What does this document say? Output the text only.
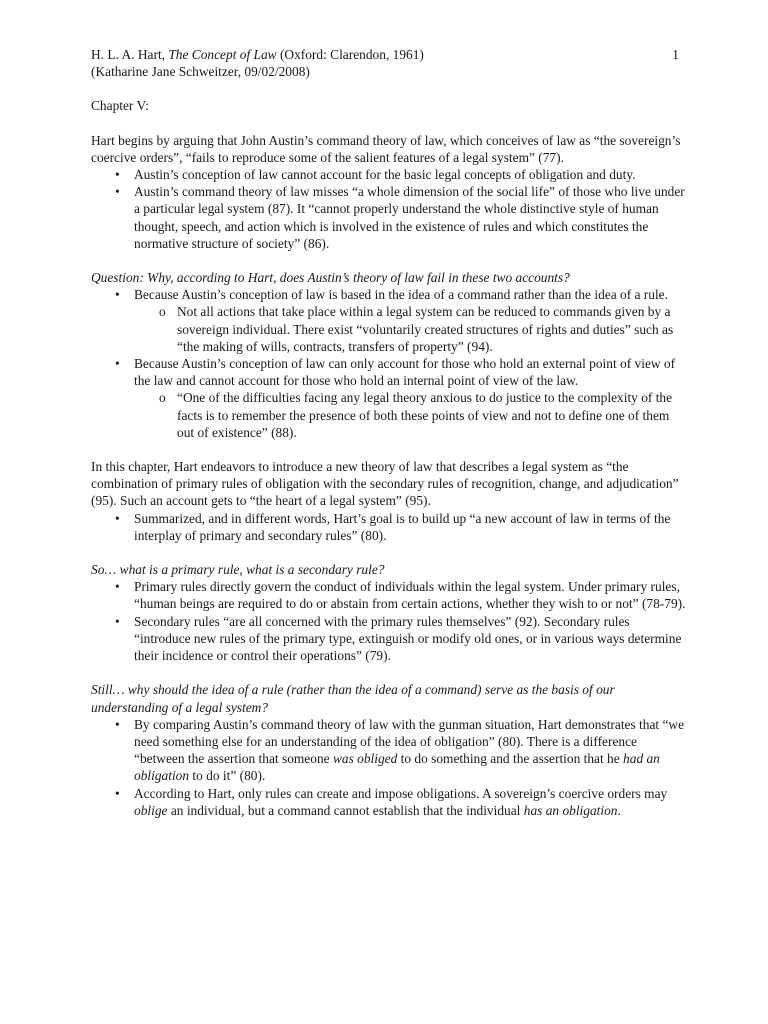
H. L. A. Hart, The Concept of Law (Oxford: Clarendon, 1961)

(Katharine Jane Schweitzer, 09/02/2008)

1

Chapter V:

Hart begins by arguing that John Austin’s command theory of law, which conceives of law as “the sovereign’s coercive orders”, “fails to reproduce some of the salient features of a legal system” (77).

• Austin’s conception of law cannot account for the basic legal concepts of obligation and duty.
• Austin’s command theory of law misses “a whole dimension of the social life” of those who live under a particular legal system (87). It “cannot properly understand the whole distinctive style of human thought, speech, and action which is involved in the existence of rules and which constitutes the normative structure of society” (86).

Question: Why, according to Hart, does Austin’s theory of law fail in these two accounts?

• Because Austin’s conception of law is based in the idea of a command rather than the idea of a rule.
o Not all actions that take place within a legal system can be reduced to commands given by a sovereign individual. There exist “voluntarily created structures of rights and duties” such as “the making of wills, contracts, transfers of property” (94).
• Because Austin’s conception of law can only account for those who hold an external point of view of the law and cannot account for those who hold an internal point of view of the law.
o “One of the difficulties facing any legal theory anxious to do justice to the complexity of the facts is to remember the presence of both these points of view and not to define one of them out of existence” (88).

In this chapter, Hart endeavors to introduce a new theory of law that describes a legal system as “the combination of primary rules of obligation with the secondary rules of recognition, change, and adjudication” (95). Such an account gets to “the heart of a legal system” (95).

• Summarized, and in different words, Hart’s goal is to build up “a new account of law in terms of the interplay of primary and secondary rules” (80).

So… what is a primary rule, what is a secondary rule?

• Primary rules directly govern the conduct of individuals within the legal system. Under primary rules, “human beings are required to do or abstain from certain actions, whether they wish to or not” (78-79).
• Secondary rules “are all concerned with the primary rules themselves” (92). Secondary rules “introduce new rules of the primary type, extinguish or modify old ones, or in various ways determine their incidence or control their operations” (79).

Still… why should the idea of a rule (rather than the idea of a command) serve as the basis of our understanding of a legal system?

• By comparing Austin’s command theory of law with the gunman situation, Hart demonstrates that “we need something else for an understanding of the idea of obligation” (80). There is a difference “between the assertion that someone was obliged to do something and the assertion that he had an obligation to do it” (80).
• According to Hart, only rules can create and impose obligations. A sovereign’s coercive orders may oblige an individual, but a command cannot establish that the individual has an obligation.
